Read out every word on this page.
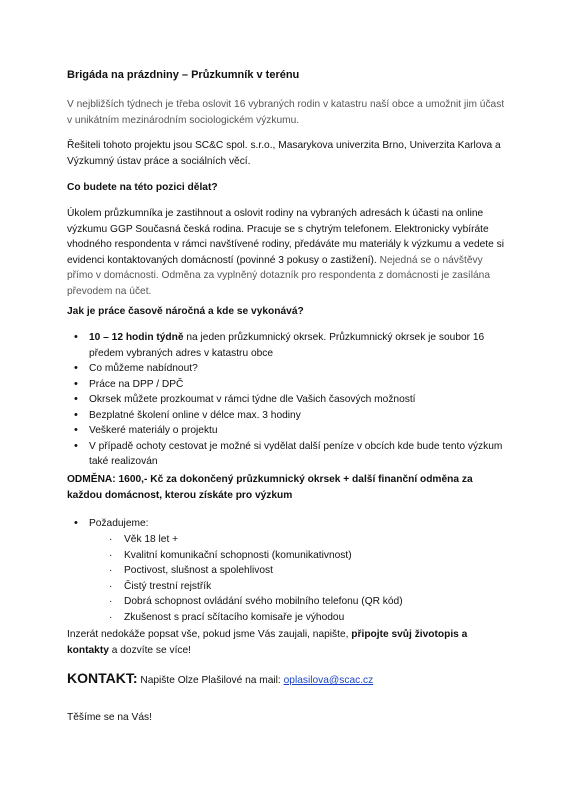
Brigáda na prázdniny – Průzkumník v terénu

V nejbližších týdnech je třeba oslovit 16 vybraných rodin v katastru naší obce a umožnit jim účast v unikátním mezinárodním sociologickém výzkumu.

Řešiteli tohoto projektu jsou SC&C spol. s.r.o., Masarykova univerzita Brno, Univerzita Karlova a Výzkumný ústav práce a sociálních věcí.

Co budete na této pozici dělat?

Úkolem průzkumníka je zastihnout a oslovit rodiny na vybraných adresách k účasti na online výzkumu GGP Současná česká rodina. Pracuje se s chytrým telefonem. Elektronicky vybíráte vhodného respondenta v rámci navštívené rodiny, předáváte mu materiály k výzkumu a vedete si evidenci kontaktovaných domácností (povinné 3 pokusy o zastižení). Nejedná se o návštěvy přímo v domácnosti. Odměna za vyplněný dotazník pro respondenta z domácnosti je zasílána převodem na účet.

Jak je práce časově náročná a kde se vykonává?
• 10 – 12 hodin týdně na jeden průzkumnický okrsek. Průzkumnický okrsek je soubor 16 předem vybraných adres v katastru obce
• Co můžeme nabídnout?
• Práce na DPP / DPČ
• Okrsek můžete prozkoumat v rámci týdne dle Vašich časových možností
• Bezplatné školení online v délce max. 3 hodiny
• Veškeré materiály o projektu
• V případě ochoty cestovat je možné si vydělat další peníze v obcích kde bude tento výzkum také realizován

ODMĚNA: 1600,- Kč za dokončený průzkumnický okrsek + další finanční odměna za každou domácnost, kterou získáte pro výzkum

• Požadujeme:
· Věk 18 let +
· Kvalitní komunikační schopnosti (komunikativnost)
· Poctivost, slušnost a spolehlivost
· Čistý trestní rejstřík
· Dobrá schopnost ovládání svého mobilního telefonu (QR kód)
· Zkušenost s prací sčítacího komisaře je výhodou

Inzerát nedokáže popsat vše, pokud jsme Vás zaujali, napište, připojte svůj životopis a kontakty a dozvíte se více!

KONTAKT: Napište Olze Plašilové na mail: oplasilova@scac.cz
Těšíme se na Vás!
